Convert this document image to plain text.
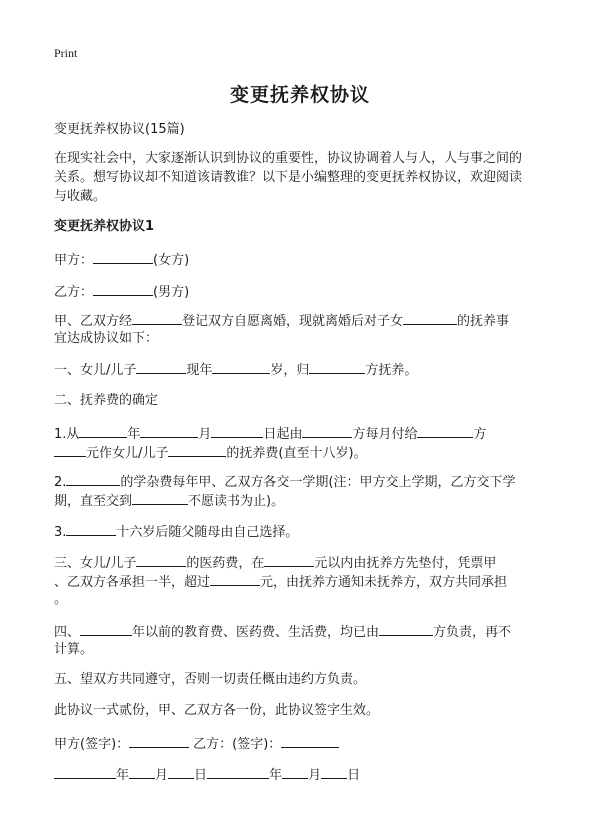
Print
变更抚养权协议
变更抚养权协议(15篇)
在现实社会中，大家逐渐认识到协议的重要性，协议协调着人与人，人与事之间的
关系。想写协议却不知道该请教谁？以下是小编整理的变更抚养权协议，欢迎阅读
与收藏。
变更抚养权协议1
甲方：	(女方)
乙方：	(男方)
甲、乙双方经	登记双方自愿离婚，现就离婚后对子女	的抚养事
宜达成协议如下：
一、女儿/儿子	现年	岁，归	方抚养。
二、抚养费的确定
1.从	年	月	日起由	方每月付给	方
元作女儿/儿子	的抚养费(直至十八岁)。
2.	的学杂费每年甲、乙双方各交一学期(注：甲方交上学期，乙方交下学
期，直至交到	不愿读书为止)。
3.	十六岁后随父随母由自己选择。
三、女儿/儿子	的医药费，在	元以内由抚养方先垫付，凭票甲
、乙双方各承担一半，超过	元，由抚养方通知未抚养方，双方共同承担
。
四、	年以前的教育费、医药费、生活费，均已由	方负责，再不
计算。
五、望双方共同遵守，否则一切责任概由违约方负责。
此协议一式贰份，甲、乙双方各一份，此协议签字生效。
甲方(签字)：	乙方：(签字)：
年 月 日	年 月 日
